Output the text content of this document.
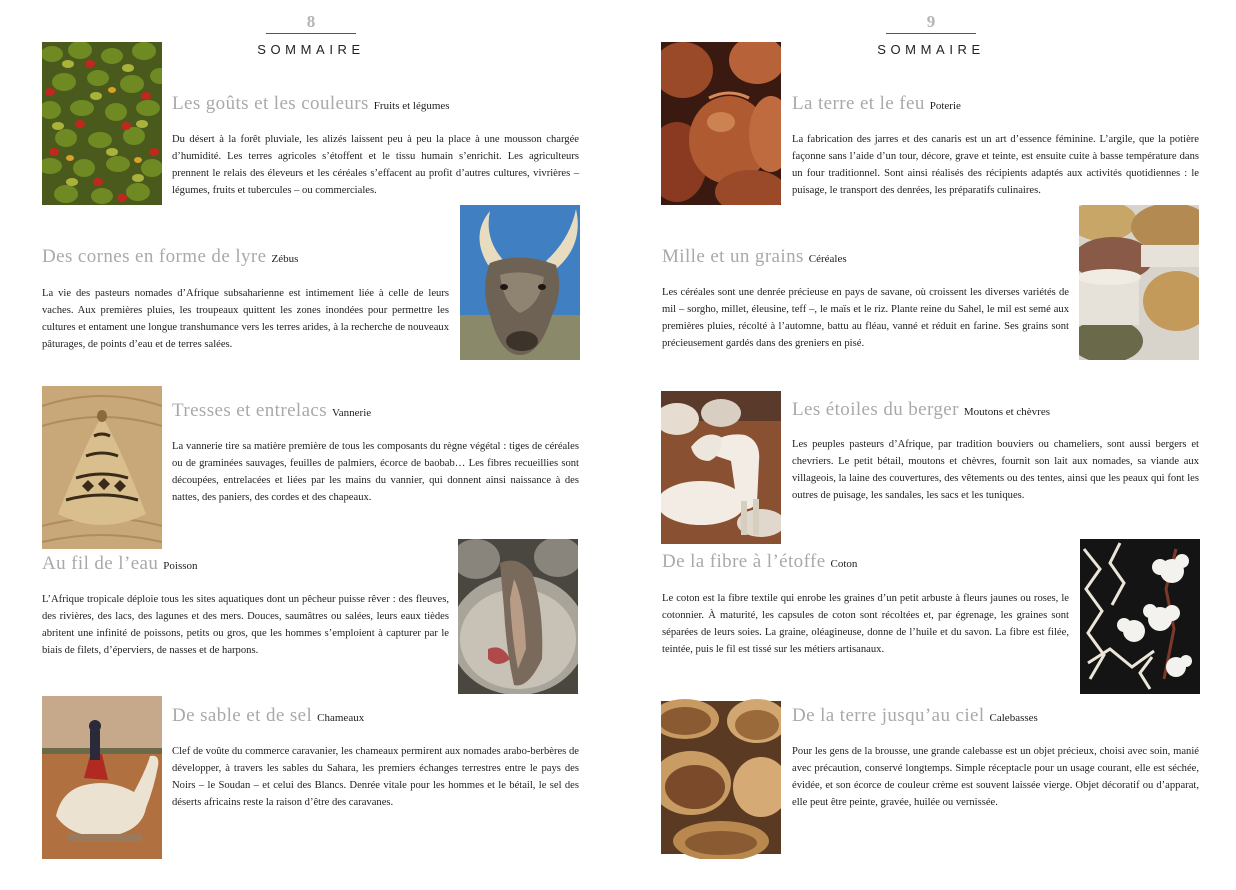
8
SOMMAIRE
Les goûts et les couleurs Fruits et légumes

Du désert à la forêt pluviale, les alizés laissent peu à peu la place à une mousson chargée d’humidité. Les terres agricoles s’étoffent et le tissu humain s’enrichit. Les agriculteurs prennent le relais des éleveurs et les céréales s’effacent au profit d’autres cultures, vivrières – légumes, fruits et tubercules – ou commerciales.

Des cornes en forme de lyre Zébus

La vie des pasteurs nomades d’Afrique subsaharienne est intimement liée à celle de leurs vaches. Aux premières pluies, les troupeaux quittent les zones inondées pour permettre les cultures et entament une longue transhumance vers les terres arides, à la recherche de nouveaux pâturages, de points d’eau et de terres salées.

Tresses et entrelacs Vannerie

La vannerie tire sa matière première de tous les composants du règne végétal : tiges de céréales ou de graminées sauvages, feuilles de palmiers, écorce de baobab… Les fibres recueillies sont découpées, entrelacées et liées par les mains du vannier, qui donnent ainsi naissance à des nattes, des paniers, des cordes et des chapeaux.

Au fil de l’eau Poisson

L’Afrique tropicale déploie tous les sites aquatiques dont un pêcheur puisse rêver : des fleuves, des rivières, des lacs, des lagunes et des mers. Douces, saumâtres ou salées, leurs eaux tièdes abritent une infinité de poissons, petits ou gros, que les hommes s’emploient à capturer par le biais de filets, d’éperviers, de nasses et de harpons.

De sable et de sel Chameaux

Clef de voûte du commerce caravanier, les chameaux permirent aux nomades arabo-berbères de développer, à travers les sables du Sahara, les premiers échanges terrestres entre le pays des Noirs – le Soudan – et celui des Blancs. Denrée vitale pour les hommes et le bétail, le sel des déserts africains reste la raison d’être des caravanes.

9
SOMMAIRE
La terre et le feu Poterie

La fabrication des jarres et des canaris est un art d’essence féminine. L’argile, que la potière façonne sans l’aide d’un tour, décore, grave et teinte, est ensuite cuite à basse température dans un four traditionnel. Sont ainsi réalisés des récipients adaptés aux activités quotidiennes : le puisage, le transport des denrées, les préparatifs culinaires.

Mille et un grains Céréales

Les céréales sont une denrée précieuse en pays de savane, où croissent les diverses variétés de mil – sorgho, millet, éleusine, teff –, le maïs et le riz. Plante reine du Sahel, le mil est semé aux premières pluies, récolté à l’automne, battu au fléau, vanné et réduit en farine. Ses grains sont précieusement gardés dans des greniers en pisé.

Les étoiles du berger Moutons et chèvres

Les peuples pasteurs d’Afrique, par tradition bouviers ou chameliers, sont aussi bergers et chevriers. Le petit bétail, moutons et chèvres, fournit son lait aux nomades, sa viande aux villageois, la laine des couvertures, des vêtements ou des tentes, ainsi que les peaux qui font les outres de puisage, les sandales, les sacs et les tuniques.

De la fibre à l’étoffe Coton

Le coton est la fibre textile qui enrobe les graines d’un petit arbuste à fleurs jaunes ou roses, le cotonnier. À maturité, les capsules de coton sont récoltées et, par égrenage, les graines sont séparées de leurs soies. La graine, oléagineuse, donne de l’huile et du savon. La fibre est filée, teintée, puis le fil est tissé sur les métiers artisanaux.

De la terre jusqu’au ciel Calebasses

Pour les gens de la brousse, une grande calebasse est un objet précieux, choisi avec soin, manié avec précaution, conservé longtemps. Simple réceptacle pour un usage courant, elle est séchée, évidée, et son écorce de couleur crème est souvent laissée vierge. Objet décoratif ou d’apparat, elle peut être peinte, gravée, huilée ou vernissée.
